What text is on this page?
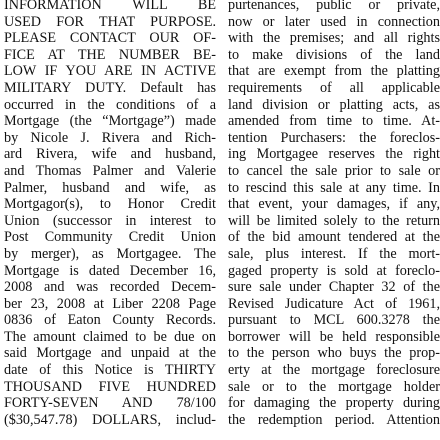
INFORMATION WILL BE
USED FOR THAT PURPOSE.
PLEASE CONTACT OUR OF-
FICE AT THE NUMBER BE-
LOW IF YOU ARE IN ACTIVE
MILITARY DUTY. Default has
occurred in the conditions of a
Mortgage (the “Mortgage”) made
by Nicole J. Rivera and Rich-
ard Rivera, wife and husband,
and Thomas Palmer and Valerie
Palmer, husband and wife, as
Mortgagor(s), to Honor Credit
Union (successor in interest to
Post Community Credit Union
by merger), as Mortgagee. The
Mortgage is dated December 16,
2008 and was recorded Decem-
ber 23, 2008 at Liber 2208 Page
0836 of Eaton County Records.
The amount claimed to be due on
said Mortgage and unpaid at the
date of this Notice is THIRTY
THOUSAND FIVE HUNDRED
FORTY-SEVEN AND 78/100
($30,547.78) DOLLARS, includ-
purtenances, public or private,
now or later used in connection
with the premises; and all rights
to make divisions of the land
that are exempt from the platting
requirements of all applicable
land division or platting acts, as
amended from time to time. At-
tention Purchasers: the foreclos-
ing Mortgagee reserves the right
to cancel the sale prior to sale or
to rescind this sale at any time. In
that event, your damages, if any,
will be limited solely to the return
of the bid amount tendered at the
sale, plus interest. If the mort-
gaged property is sold at foreclo-
sure sale under Chapter 32 of the
Revised Judicature Act of 1961,
pursuant to MCL 600.3278 the
borrower will be held responsible
to the person who buys the prop-
erty at the mortgage foreclosure
sale or to the mortgage holder
for damaging the property during
the redemption period. Attention
